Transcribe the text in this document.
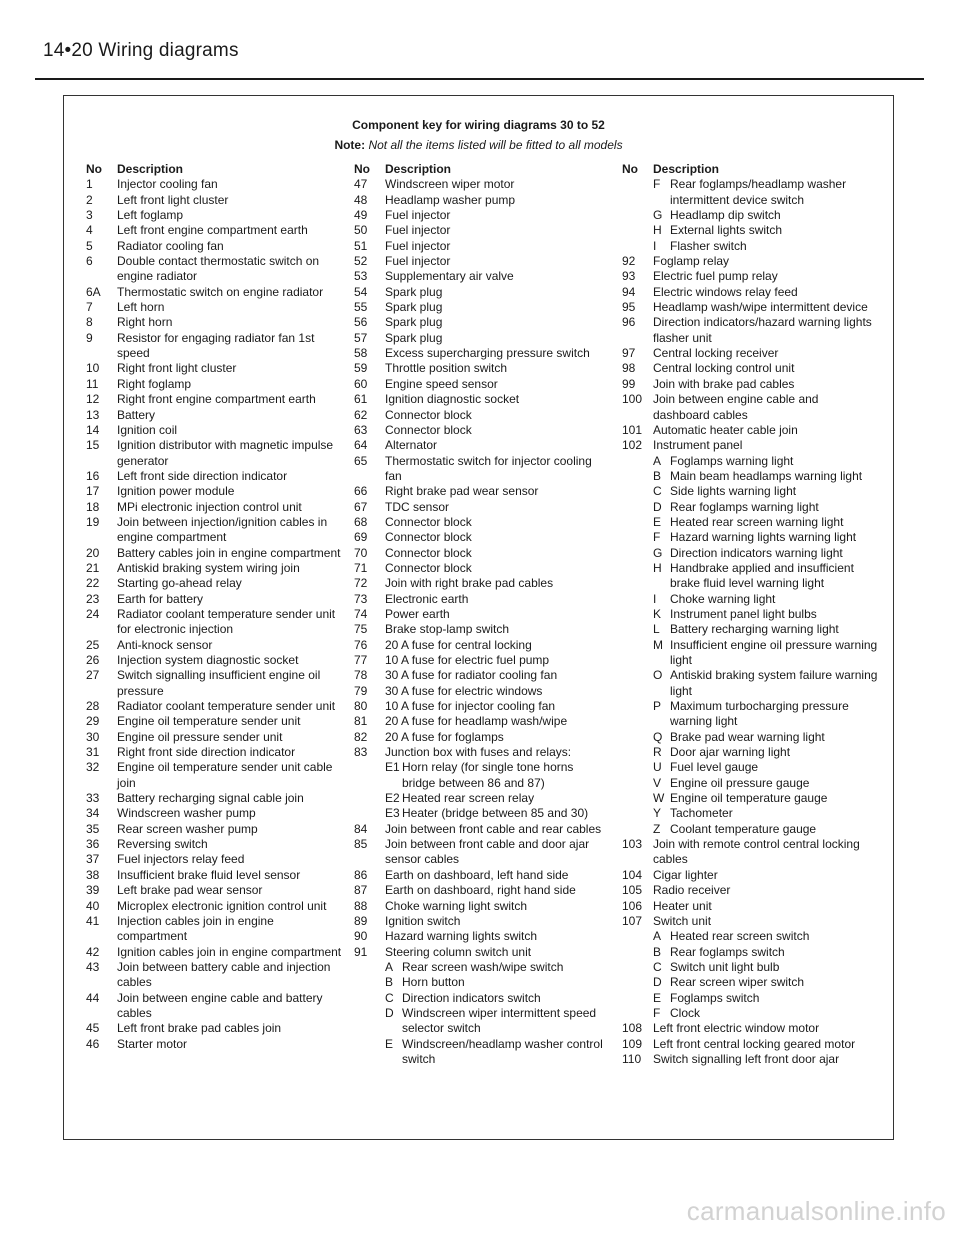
14•20 Wiring diagrams
Component key for wiring diagrams 30 to 52
Note: Not all the items listed will be fitted to all models
No	Description
1	Injector cooling fan
2	Left front light cluster
3	Left foglamp
4	Left front engine compartment earth
5	Radiator cooling fan
6	Double contact thermostatic switch on engine radiator
6A	Thermostatic switch on engine radiator
7	Left horn
8	Right horn
9	Resistor for engaging radiator fan 1st speed
10	Right front light cluster
11	Right foglamp
12	Right front engine compartment earth
13	Battery
14	Ignition coil
15	Ignition distributor with magnetic impulse generator
16	Left front side direction indicator
17	Ignition power module
18	MPi electronic injection control unit
19	Join between injection/ignition cables in engine compartment
20	Battery cables join in engine compartment
21	Antiskid braking system wiring join
22	Starting go-ahead relay
23	Earth for battery
24	Radiator coolant temperature sender unit for electronic injection
25	Anti-knock sensor
26	Injection system diagnostic socket
27	Switch signalling insufficient engine oil pressure
28	Radiator coolant temperature sender unit
29	Engine oil temperature sender unit
30	Engine oil pressure sender unit
31	Right front side direction indicator
32	Engine oil temperature sender unit cable join
33	Battery recharging signal cable join
34	Windscreen washer pump
35	Rear screen washer pump
36	Reversing switch
37	Fuel injectors relay feed
38	Insufficient brake fluid level sensor
39	Left brake pad wear sensor
40	Microplex electronic ignition control unit
41	Injection cables join in engine compartment
42	Ignition cables join in engine compartment
43	Join between battery cable and injection cables
44	Join between engine cable and battery cables
45	Left front brake pad cables join
46	Starter motor
No	Description
47	Windscreen wiper motor
48	Headlamp washer pump
49	Fuel injector
50	Fuel injector
51	Fuel injector
52	Fuel injector
53	Supplementary air valve
54	Spark plug
55	Spark plug
56	Spark plug
57	Spark plug
58	Excess supercharging pressure switch
59	Throttle position switch
60	Engine speed sensor
61	Ignition diagnostic socket
62	Connector block
63	Connector block
64	Alternator
65	Thermostatic switch for injector cooling fan
66	Right brake pad wear sensor
67	TDC sensor
68	Connector block
69	Connector block
70	Connector block
71	Connector block
72	Join with right brake pad cables
73	Electronic earth
74	Power earth
75	Brake stop-lamp switch
76	20 A fuse for central locking
77	10 A fuse for electric fuel pump
78	30 A fuse for radiator cooling fan
79	30 A fuse for electric windows
80	10 A fuse for injector cooling fan
81	20 A fuse for headlamp wash/wipe
82	20 A fuse for foglamps
83	Junction box with fuses and relays:
E1 Horn relay (for single tone horns bridge between 86 and 87)
E2 Heated rear screen relay
E3 Heater (bridge between 85 and 30)
84	Join between front cable and rear cables
85	Join between front cable and door ajar sensor cables
86	Earth on dashboard, left hand side
87	Earth on dashboard, right hand side
88	Choke warning light switch
89	Ignition switch
90	Hazard warning lights switch
91	Steering column switch unit
A Rear screen wash/wipe switch
B Horn button
C Direction indicators switch
D Windscreen wiper intermittent speed selector switch
E Windscreen/headlamp washer control switch
No	Description
F Rear foglamps/headlamp washer intermittent device switch
G Headlamp dip switch
H External lights switch
I	Flasher switch
92	Foglamp relay
93	Electric fuel pump relay
94	Electric windows relay feed
95	Headlamp wash/wipe intermittent device
96	Direction indicators/hazard warning lights flasher unit
97	Central locking receiver
98	Central locking control unit
99	Join with brake pad cables
100 Join between engine cable and dashboard cables
101 Automatic heater cable join
102 Instrument panel
A Foglamps warning light
B Main beam headlamps warning light
C Side lights warning light
D Rear foglamps warning light
E Heated rear screen warning light
F Hazard warning lights warning light
G Direction indicators warning light
H Handbrake applied and insufficient brake fluid level warning light
I	Choke warning light
K Instrument panel light bulbs
L Battery recharging warning light
M Insufficient engine oil pressure warning light
O Antiskid braking system failure warning light
P Maximum turbocharging pressure warning light
Q Brake pad wear warning light
R Door ajar warning light
U Fuel level gauge
V Engine oil pressure gauge
W Engine oil temperature gauge
Y Tachometer
Z Coolant temperature gauge
103 Join with remote control central locking cables
104 Cigar lighter
105 Radio receiver
106 Heater unit
107 Switch unit
A Heated rear screen switch
B Rear foglamps switch
C Switch unit light bulb
D Rear screen wiper switch
E Foglamps switch
F Clock
108 Left front electric window motor
109 Left front central locking geared motor
110 Switch signalling left front door ajar
carmanualsonline.info
